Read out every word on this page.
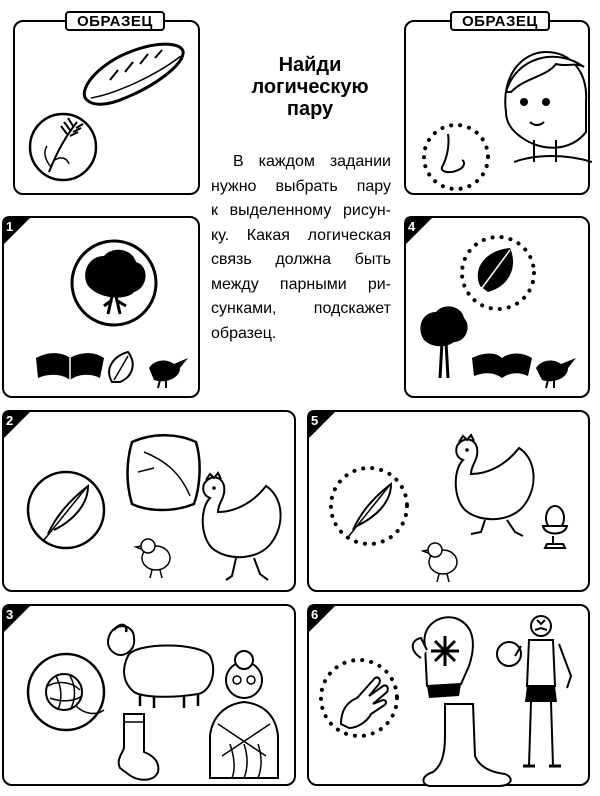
ОБРАЗЕЦ	ОБРАЗЕЦ
Найди
логическую
пару
В каждом задании
нужно выбрать пару
к выделенному рисун-
ку. Какая логическая
связь должна быть
между парными ри-
сунками, подскажет
образец.
1	4
2	5
3	6
